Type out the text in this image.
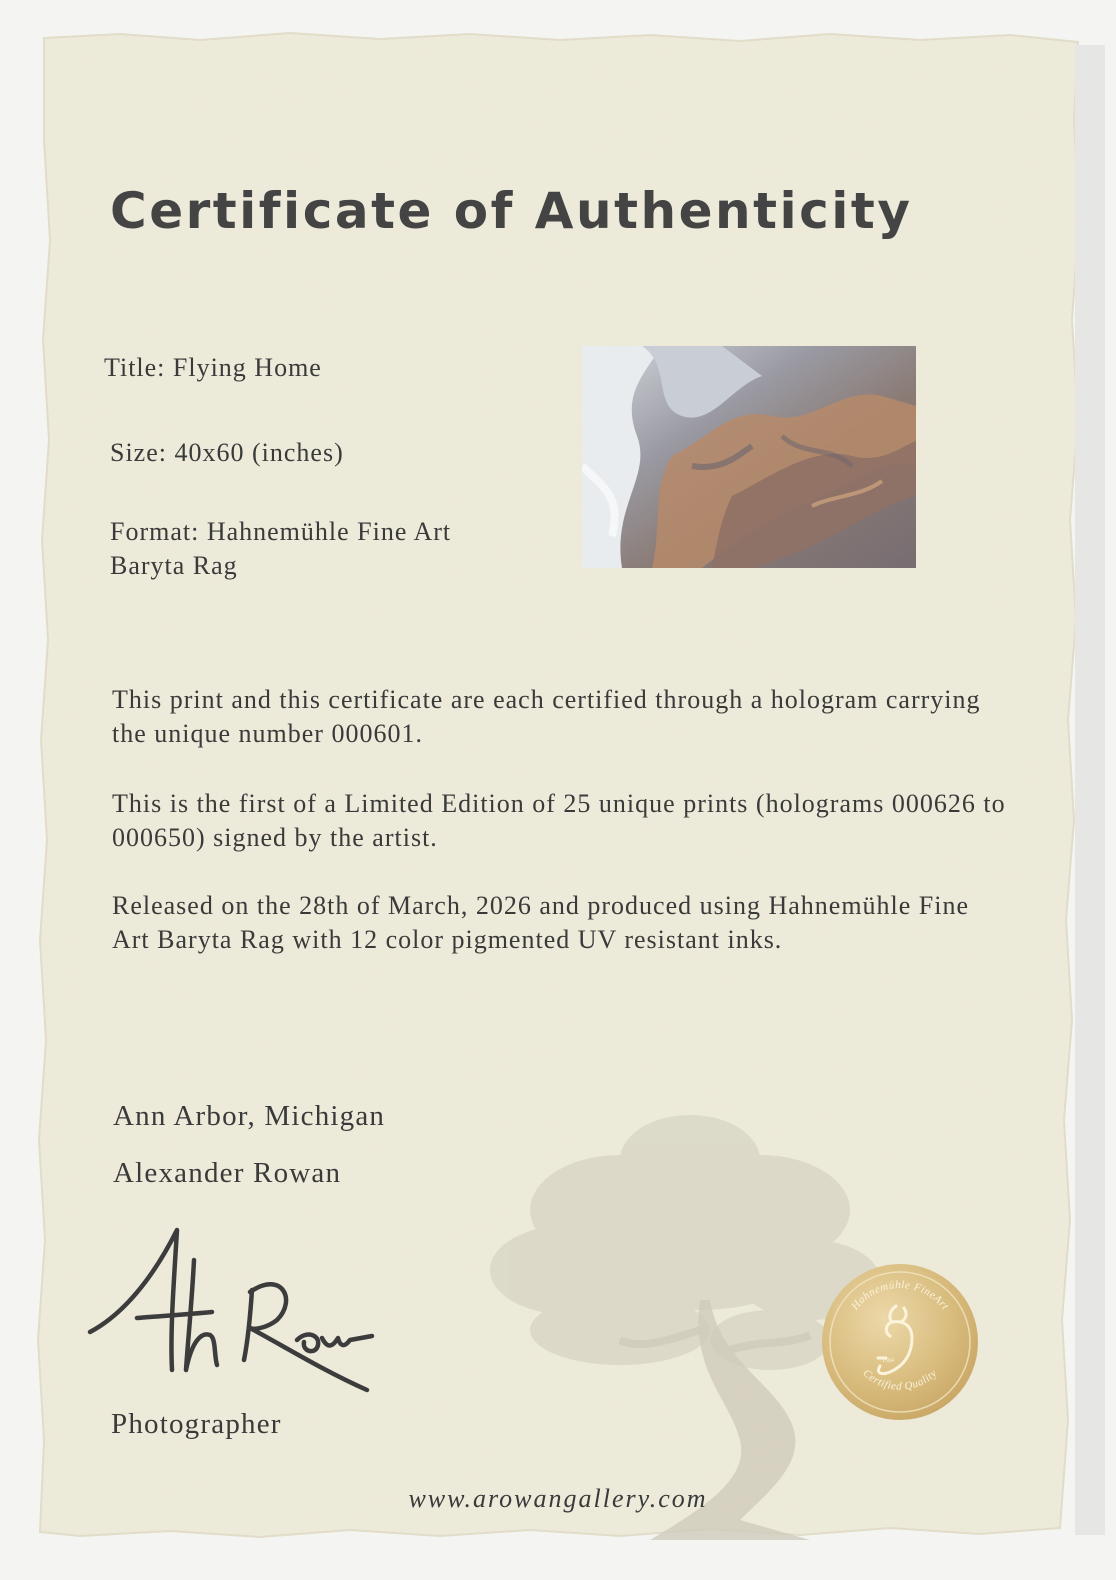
Certificate of Authenticity
Title: Flying Home
Size: 40x60 (inches)
Format: Hahnemühle Fine Art Baryta Rag

This print and this certificate are each certified through a hologram carrying the unique number 000601.

This is the first of a Limited Edition of 25 unique prints (holograms 000626 to 000650) signed by the artist.

Released on the 28th of March, 2026 and produced using Hahnemühle Fine Art Baryta Rag with 12 color pigmented UV resistant inks.

Ann Arbor, Michigan
Alexander Rowan
Photographer
Hahnemühle FineArt
Certified Quality
1584
www.arowangallery.com
